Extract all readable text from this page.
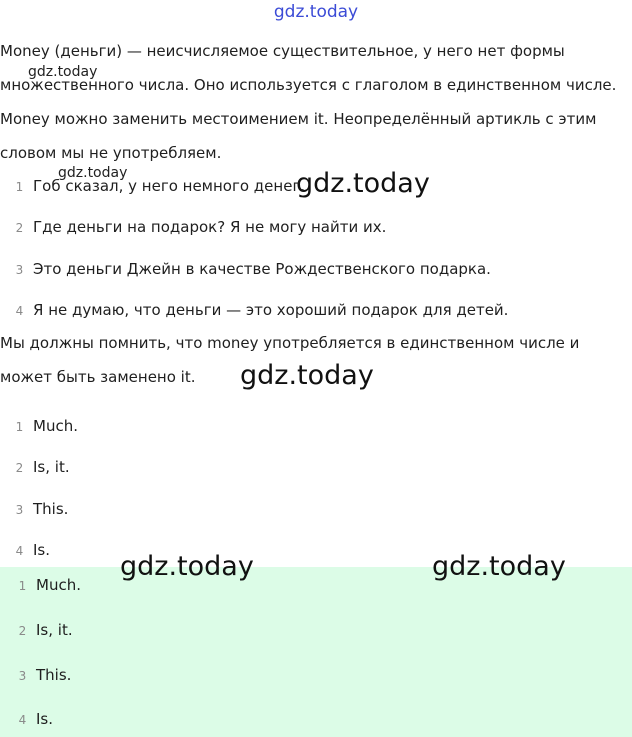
gdz.today

Money (деньги) — неисчисляемое существительное, у него нет формы множественного числа. Оно используется с глаголом в единственном числе. Money можно заменить местоимением it. Неопределённый артикль с этим словом мы не употребляем.

gdz.today
gdz.today	gdz.today
1 Гоб сказал, у него немного денег.
2 Где деньги на подарок? Я не могу найти их.
3 Это деньги Джейн в качестве Рождественского подарка.
4 Я не думаю, что деньги — это хороший подарок для детей.

Мы должны помнить, что money употребляется в единственном числе и может быть заменено it.	gdz.today
1 Much.
2 Is, it.
3 This.
4 Is.
gdz.today	gdz.today
1 Much.
2 Is, it.
3 This.
4 Is.
